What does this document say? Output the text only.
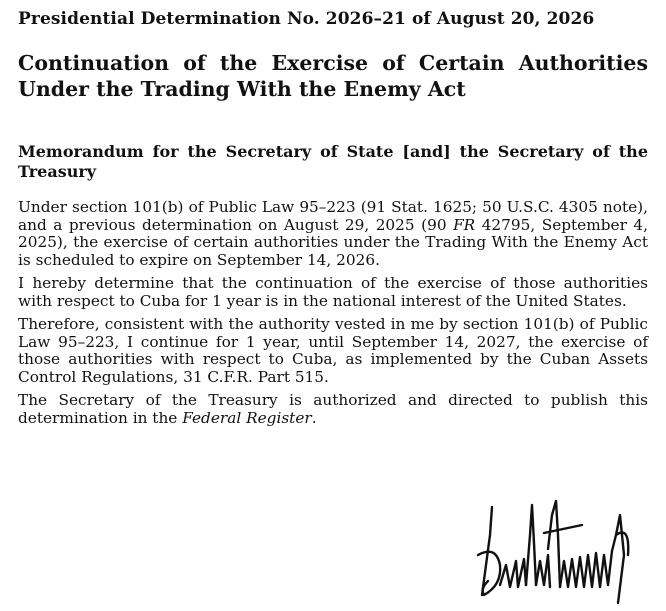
Presidential Determination No. 2026–21 of August 20, 2026
Continuation of the Exercise of Certain Authorities Under the Trading With the Enemy Act
Memorandum for the Secretary of State [and] the Secretary of the Treasury

Under section 101(b) of Public Law 95–223 (91 Stat. 1625; 50 U.S.C. 4305 note), and a previous determination on August 29, 2025 (90 FR 42795, September 4, 2025), the exercise of certain authorities under the Trading With the Enemy Act is scheduled to expire on September 14, 2026.

I hereby determine that the continuation of the exercise of those authorities with respect to Cuba for 1 year is in the national interest of the United States.

Therefore, consistent with the authority vested in me by section 101(b) of Public Law 95–223, I continue for 1 year, until September 14, 2027, the exercise of those authorities with respect to Cuba, as implemented by the Cuban Assets Control Regulations, 31 C.F.R. Part 515.

The Secretary of the Treasury is authorized and directed to publish this determination in the Federal Register.
